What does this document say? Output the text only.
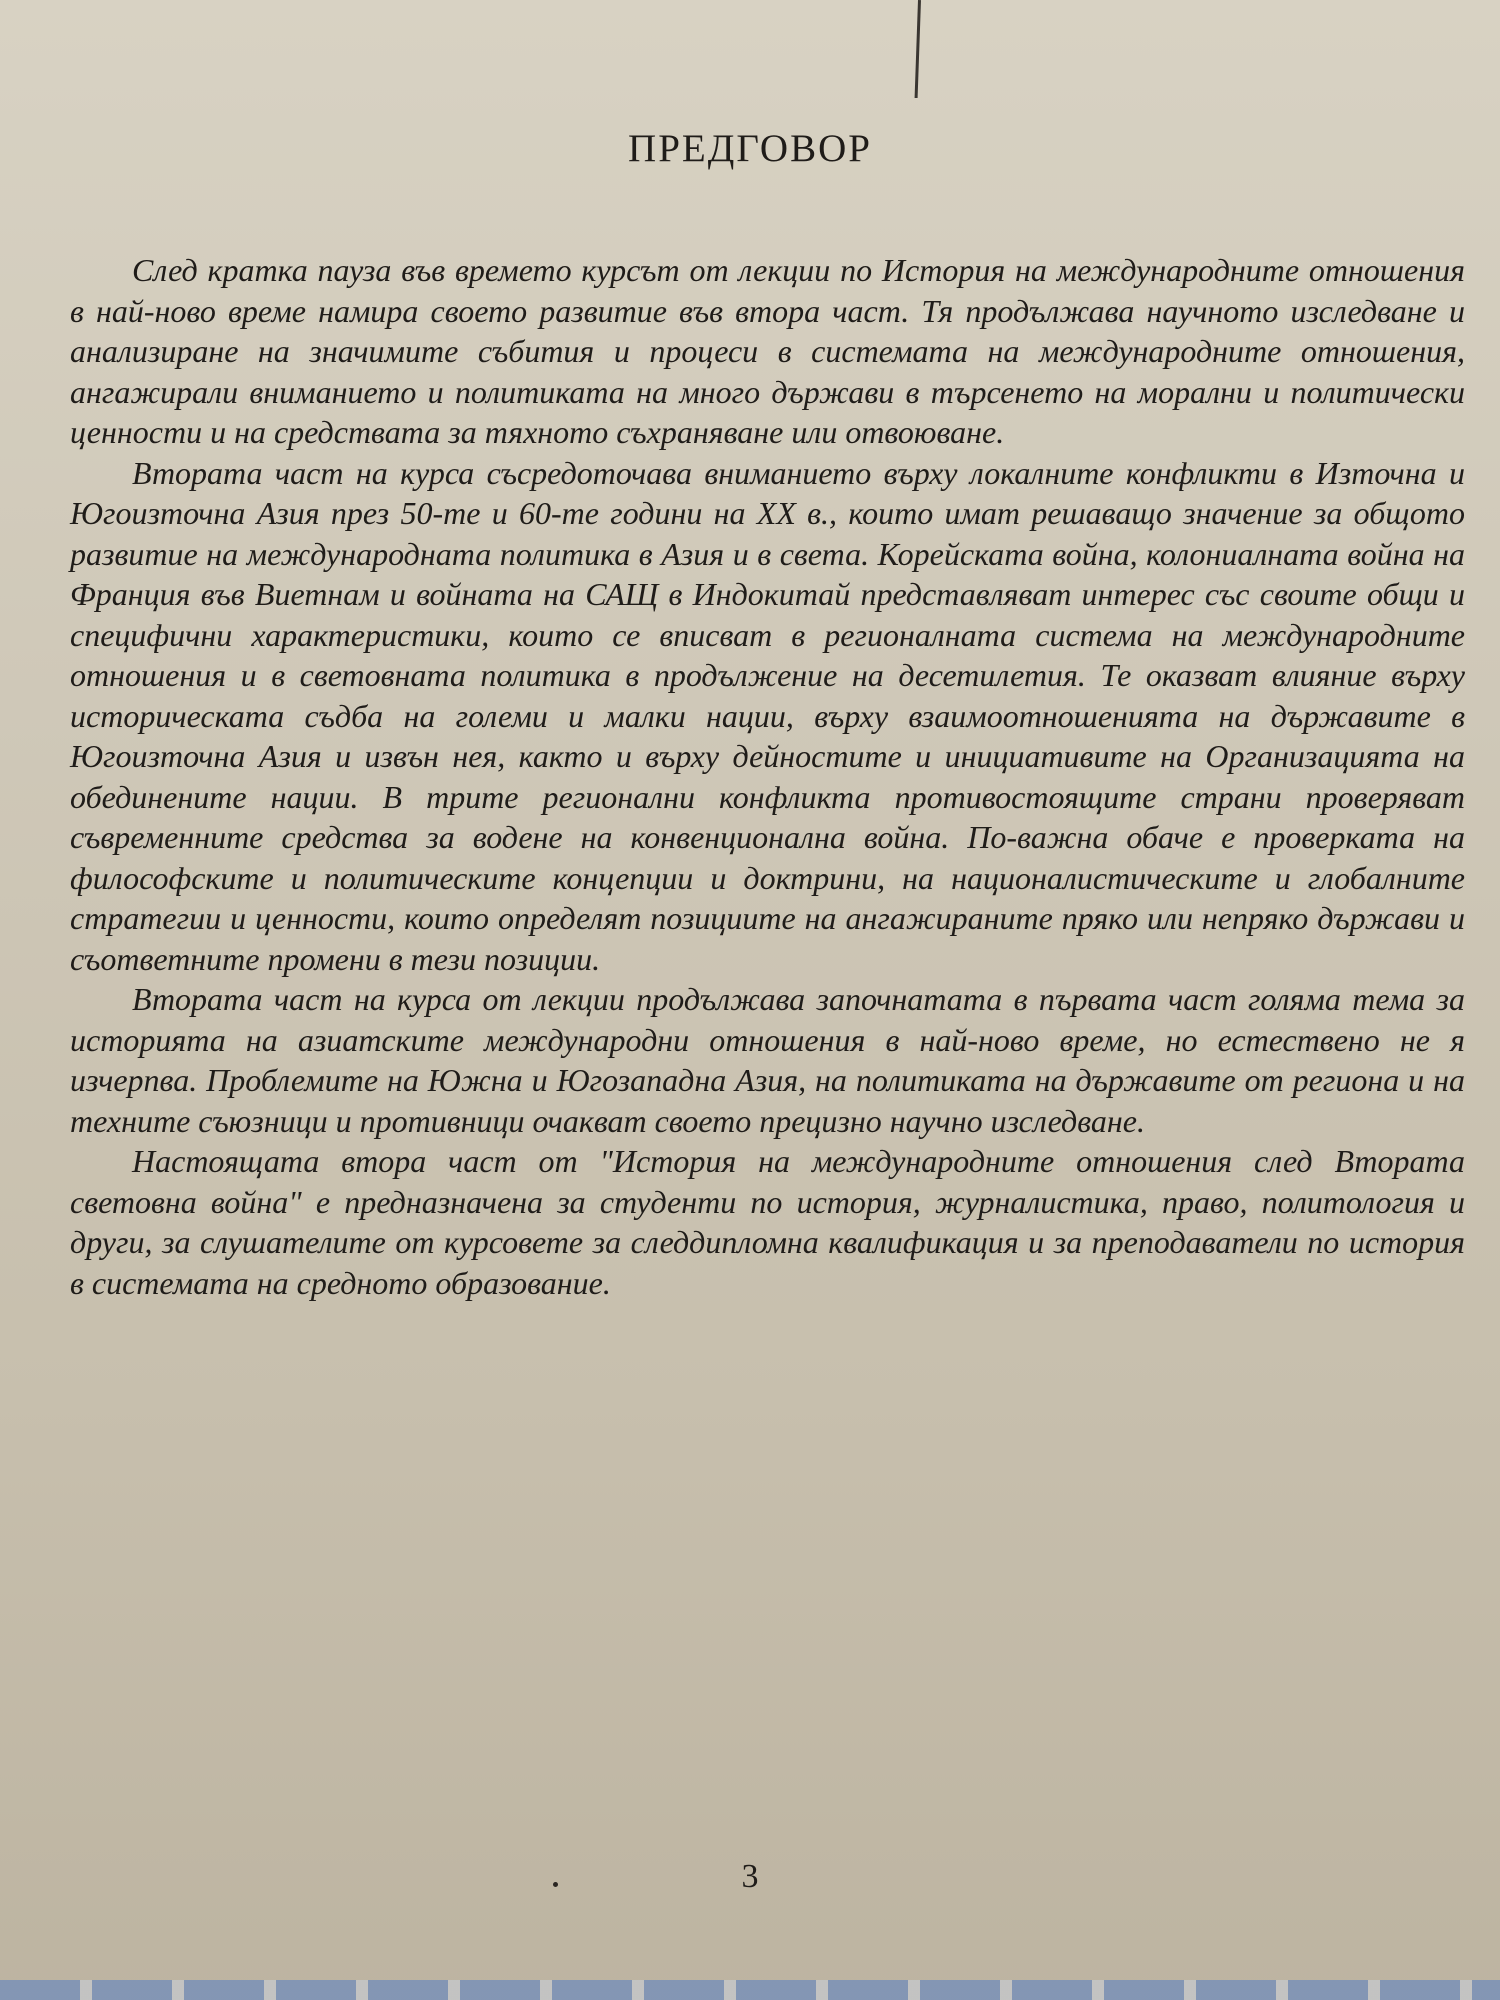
ПРЕДГОВОР

След кратка пауза във времето курсът от лекции по История на международните отношения в най-ново време намира своето развитие във втора част. Тя продължава научното изследване и анализиране на значимите събития и процеси в системата на международните отношения, ангажирали вниманието и политиката на много държави в търсенето на морални и политически ценности и на средствата за тяхното съхраняване или отвоюване.

Втората част на курса съсредоточава вниманието върху локалните конфликти в Източна и Югоизточна Азия през 50-те и 60-те години на XX в., които имат решаващо значение за общото развитие на международната политика в Азия и в света. Корейската война, колониалната война на Франция във Виетнам и войната на САЩ в Индокитай представляват интерес със своите общи и специфични характеристики, които се вписват в регионалната система на международните отношения и в световната политика в продължение на десетилетия. Те оказват влияние върху историческата съдба на големи и малки нации, върху взаимоотношенията на държавите в Югоизточна Азия и извън нея, както и върху дейностите и инициативите на Организацията на обединените нации. В трите регионални конфликта противостоящите страни проверяват съвременните средства за водене на конвенционална война. По-важна обаче е проверката на философските и политическите концепции и доктрини, на националистическите и глобалните стратегии и ценности, които определят позициите на ангажираните пряко или непряко държави и съответните промени в тези позиции.

Втората част на курса от лекции продължава започнатата в първата част голяма тема за историята на азиатските международни отношения в най-ново време, но естествено не я изчерпва. Проблемите на Южна и Югозападна Азия, на политиката на държавите от региона и на техните съюзници и противници очакват своето прецизно научно изследване.

Настоящата втора част от "История на международните отношения след Втората световна война" е предназначена за студенти по история, журналистика, право, политология и други, за слушателите от курсовете за следдипломна квалификация и за преподаватели по история в системата на средното образование.

3
